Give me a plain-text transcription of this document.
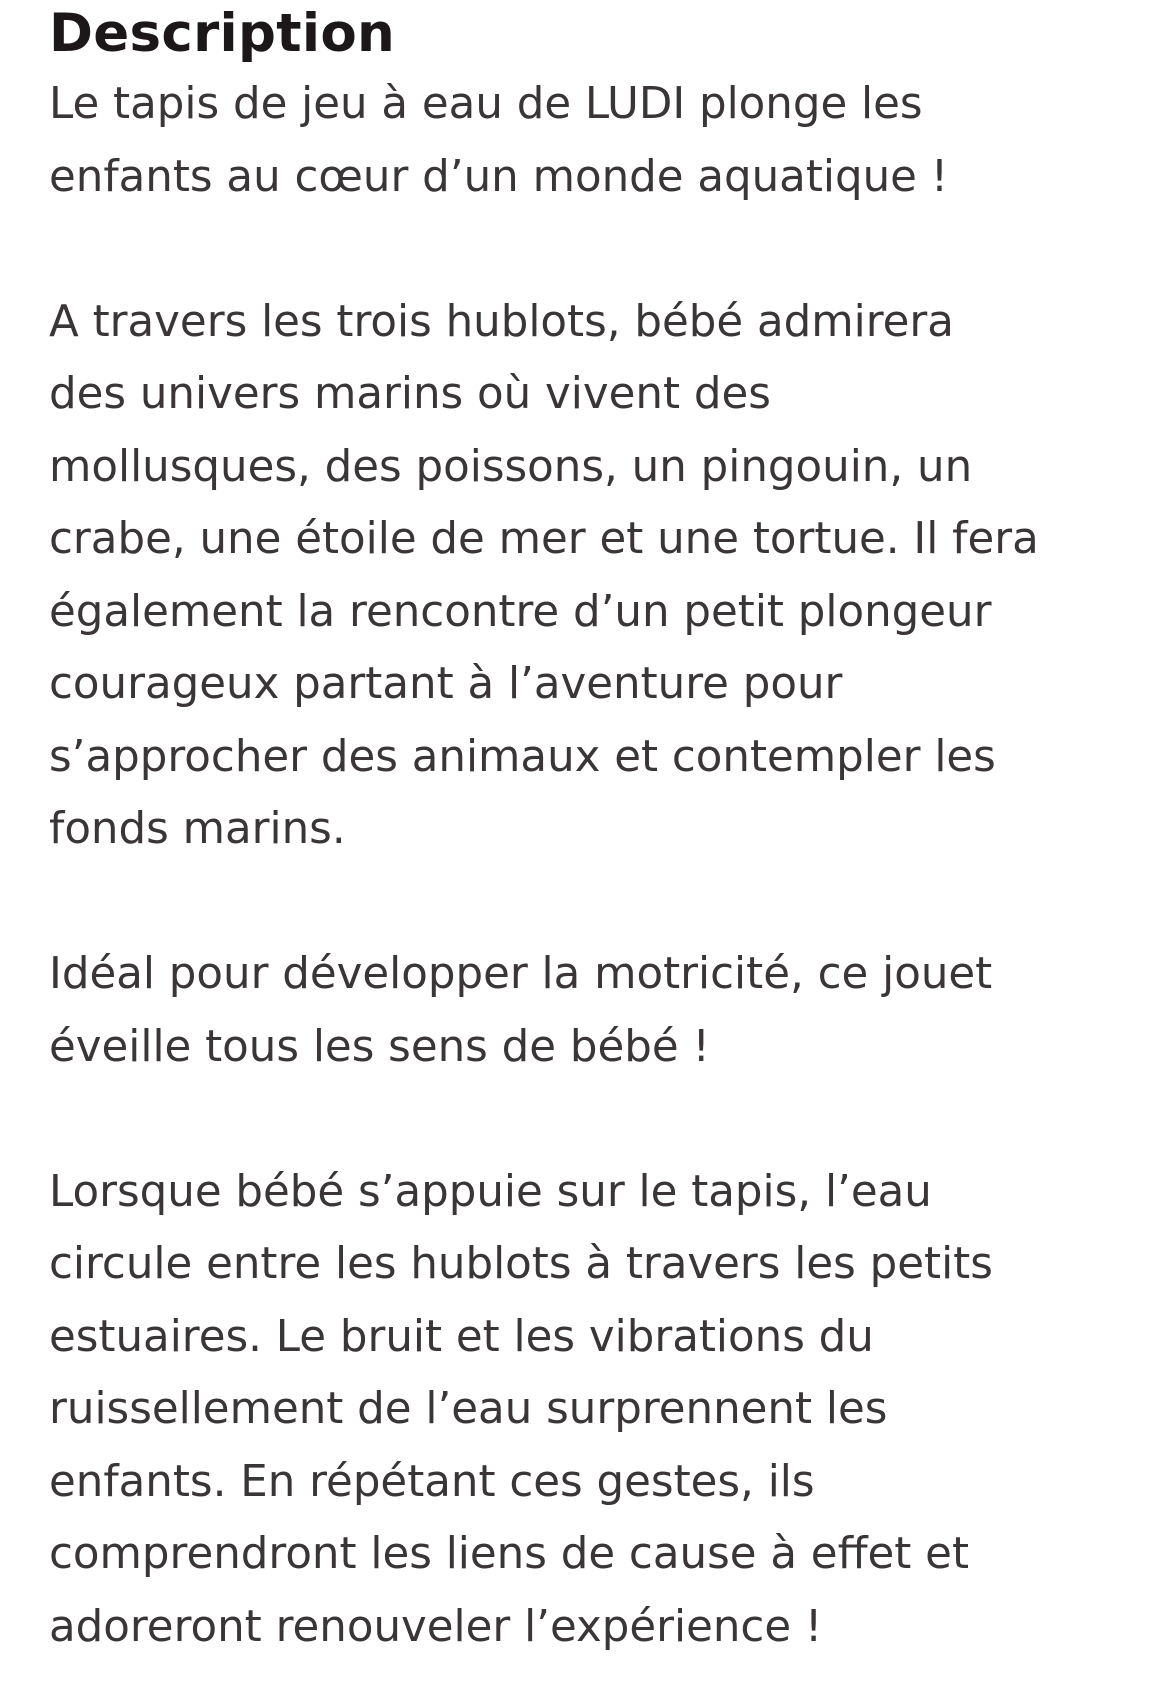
Description
Le tapis de jeu à eau de LUDI plonge les
enfants au cœur d’un monde aquatique !
A travers les trois hublots, bébé admirera
des univers marins où vivent des
mollusques, des poissons, un pingouin, un
crabe, une étoile de mer et une tortue. Il fera
également la rencontre d’un petit plongeur
courageux partant à l’aventure pour
s’approcher des animaux et contempler les
fonds marins.
Idéal pour développer la motricité, ce jouet
éveille tous les sens de bébé !
Lorsque bébé s’appuie sur le tapis, l’eau
circule entre les hublots à travers les petits
estuaires. Le bruit et les vibrations du
ruissellement de l’eau surprennent les
enfants. En répétant ces gestes, ils
comprendront les liens de cause à effet et
adoreront renouveler l’expérience !
